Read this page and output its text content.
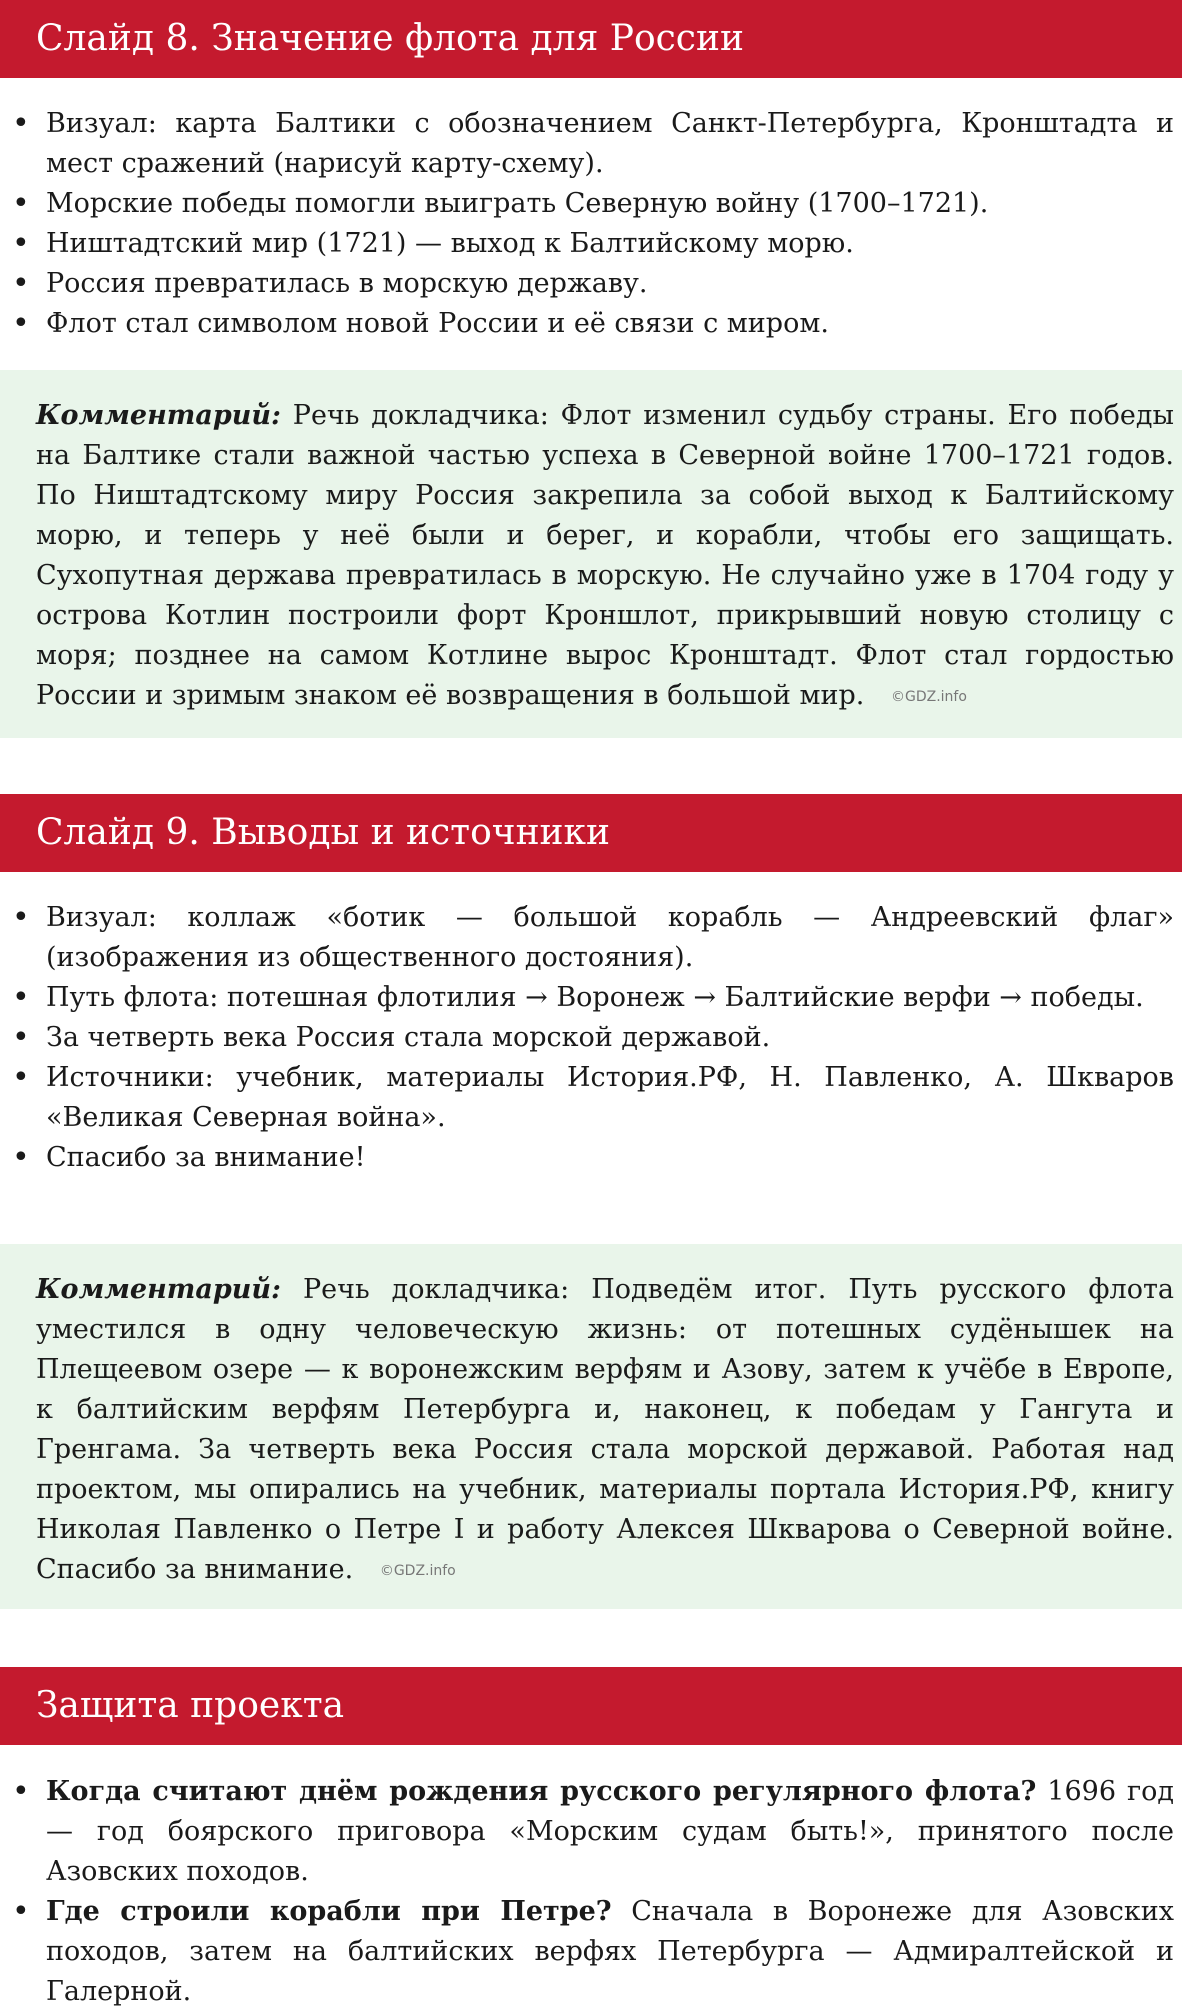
Слайд 8. Значение флота для России
• Визуал: карта Балтики с обозначением Санкт-Петербурга, Кронштадта и мест сражений (нарисуй карту-схему).
• Морские победы помогли выиграть Северную войну (1700–1721).
• Ништадтский мир (1721) — выход к Балтийскому морю.
• Россия превратилась в морскую державу.
• Флот стал символом новой России и её связи с миром.
Комментарий: Речь докладчика: Флот изменил судьбу страны. Его победы на Балтике стали важной частью успеха в Северной войне 1700–1721 годов. По Ништадтскому миру Россия закрепила за собой выход к Балтийскому морю, и теперь у неё были и берег, и корабли, чтобы его защищать. Сухопутная держава превратилась в морскую. Не случайно уже в 1704 году у острова Котлин построили форт Кроншлот, прикрывший новую столицу с моря; позднее на самом Котлине вырос Кронштадт. Флот стал гордостью России и зримым знаком её возвращения в большой мир. ©GDZ.info
Слайд 9. Выводы и источники
• Визуал: коллаж «ботик — большой корабль — Андреевский флаг» (изображения из общественного достояния).
• Путь флота: потешная флотилия → Воронеж → Балтийские верфи → победы.
• За четверть века Россия стала морской державой.
• Источники: учебник, материалы История.РФ, Н. Павленко, А. Шкваров «Великая Северная война».
• Спасибо за внимание!
Комментарий: Речь докладчика: Подведём итог. Путь русского флота уместился в одну человеческую жизнь: от потешных судёнышек на Плещеевом озере — к воронежским верфям и Азову, затем к учёбе в Европе, к балтийским верфям Петербурга и, наконец, к победам у Гангута и Гренгама. За четверть века Россия стала морской державой. Работая над проектом, мы опирались на учебник, материалы портала История.РФ, книгу Николая Павленко о Петре I и работу Алексея Шкварова о Северной войне. Спасибо за внимание. ©GDZ.info
Защита проекта
• Когда считают днём рождения русского регулярного флота? 1696 год — год боярского приговора «Морским судам быть!», принятого после Азовских походов.
• Где строили корабли при Петре? Сначала в Воронеже для Азовских походов, затем на балтийских верфях Петербурга — Адмиралтейской и Галерной.
